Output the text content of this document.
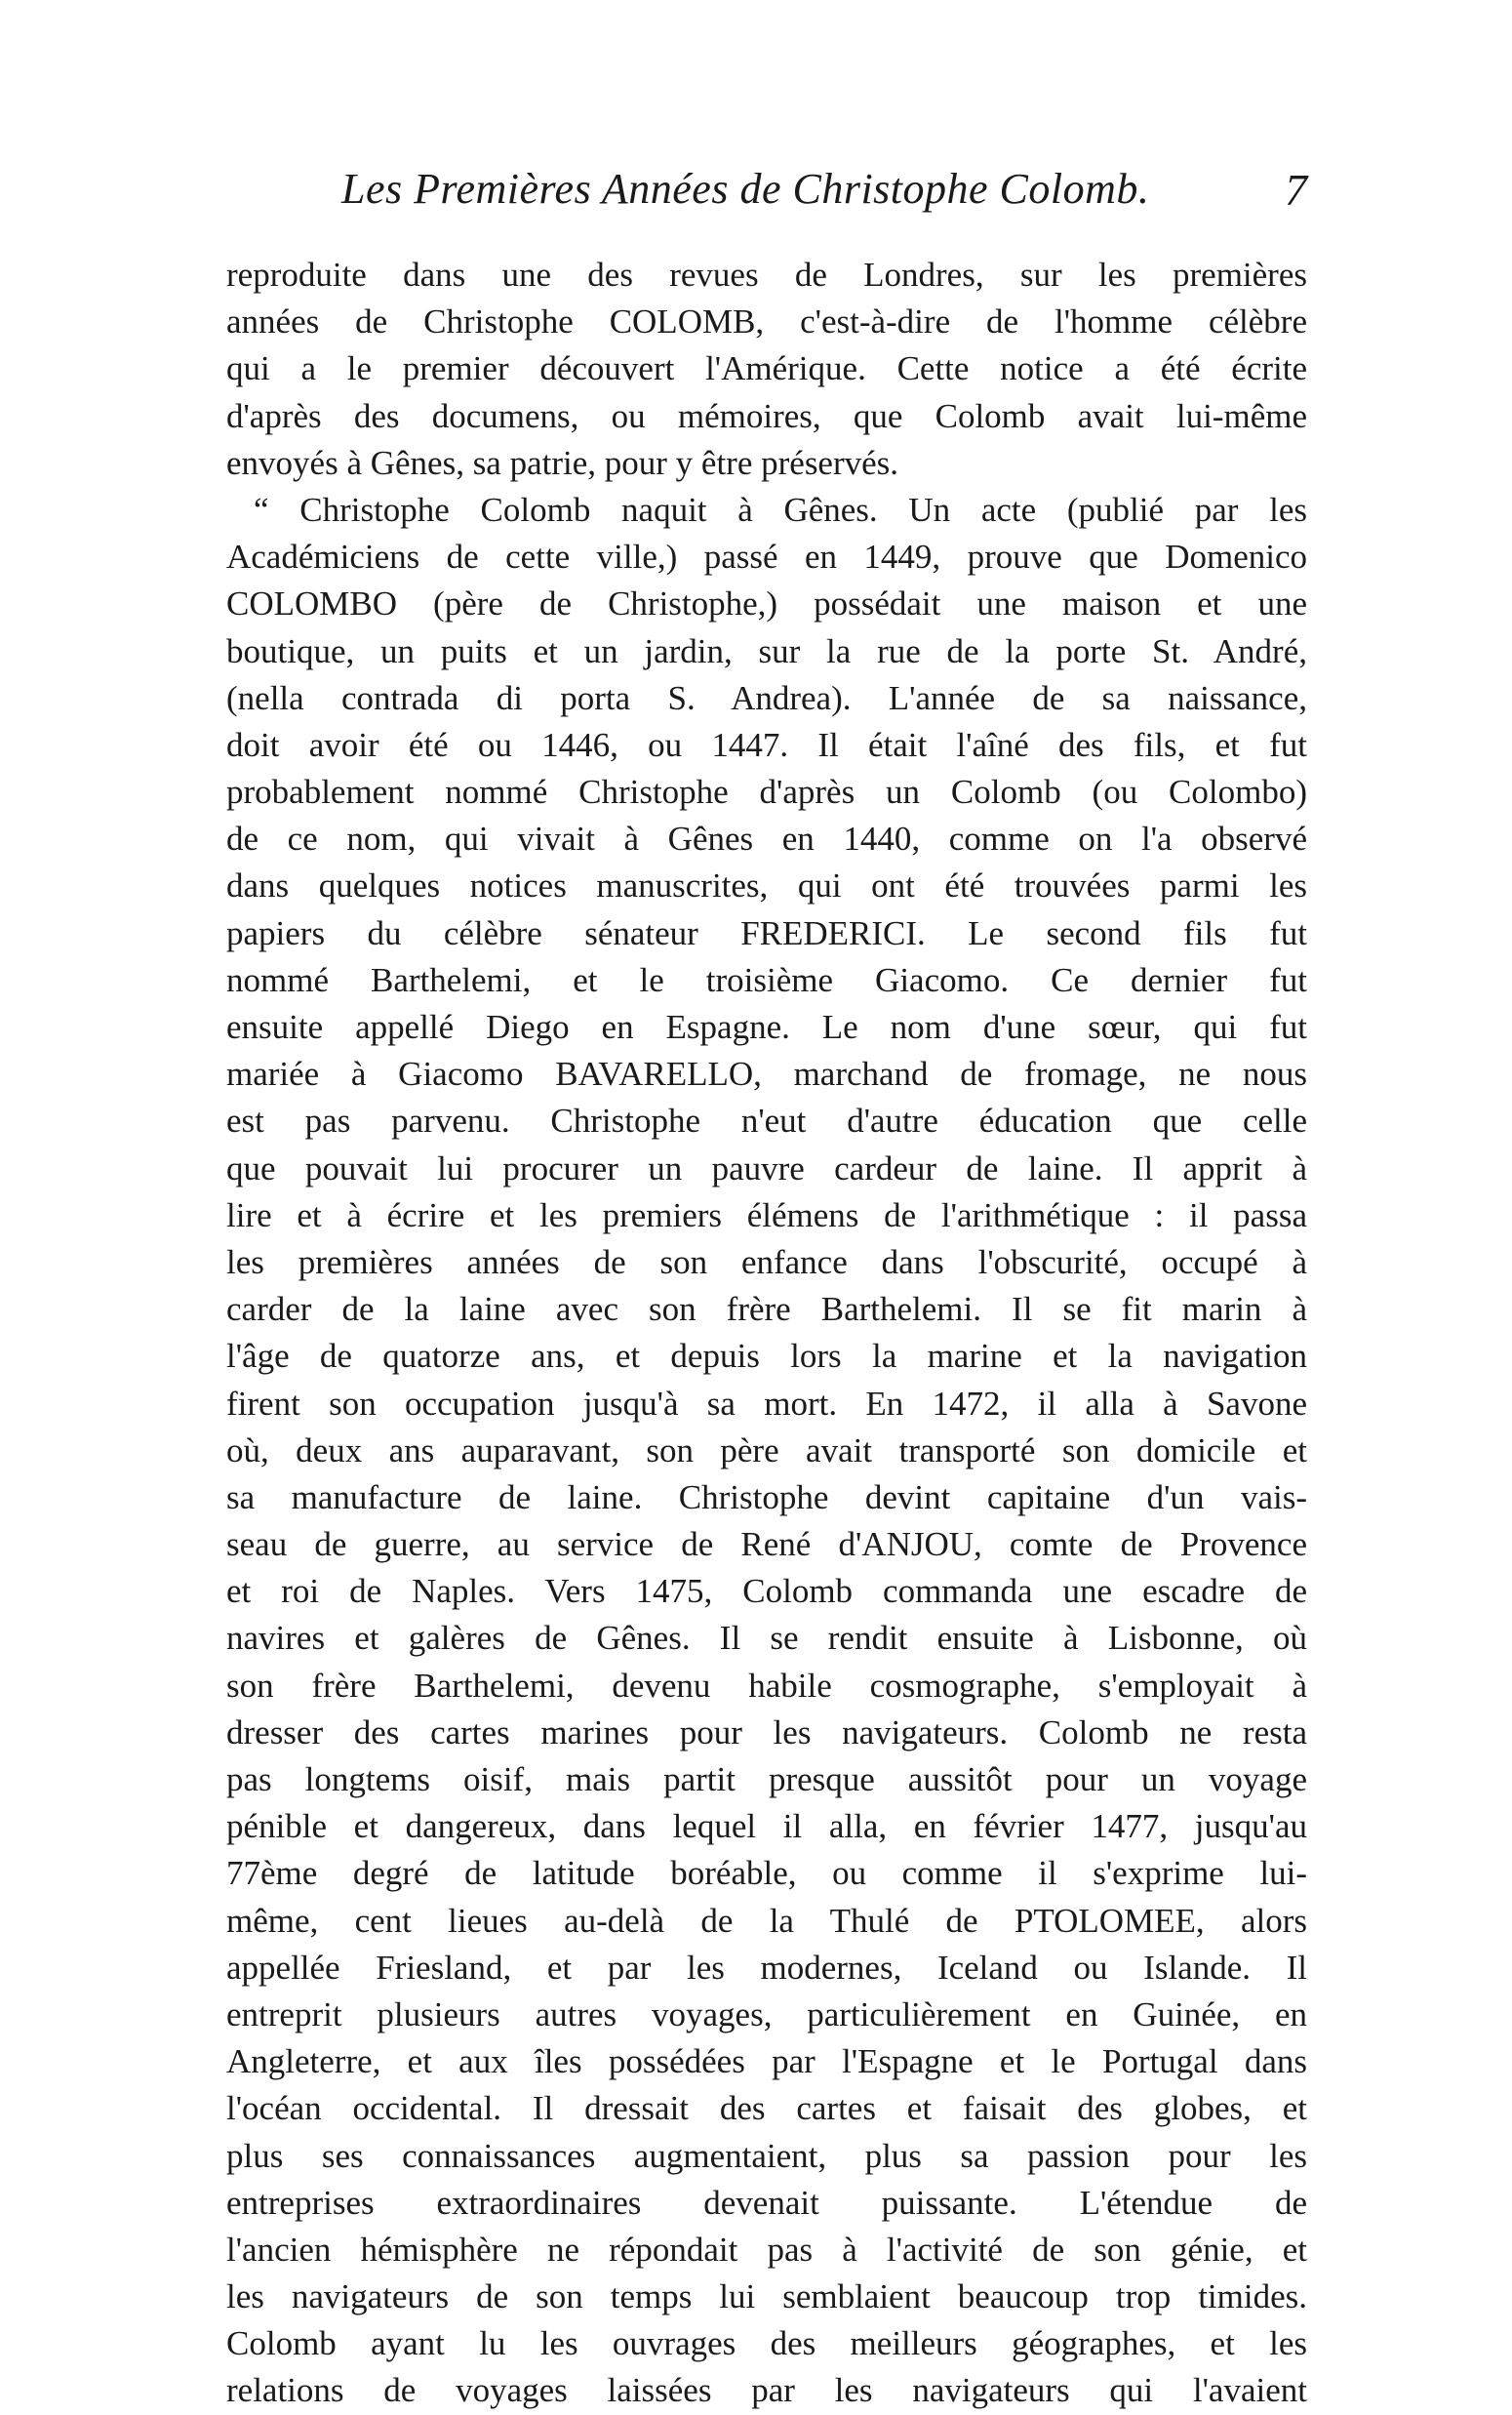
Les Premières Années de Christophe Colomb.	7
reproduite dans une des revues de Londres, sur les premières
années de Christophe COLOMB, c'est-à-dire de l'homme célèbre
qui a le premier découvert l'Amérique. Cette notice a été écrite
d'après des documens, ou mémoires, que Colomb avait lui-même
envoyés à Gênes, sa patrie, pour y être préservés.
“ Christophe Colomb naquit à Gênes. Un acte (publié par les
Académiciens de cette ville,) passé en 1449, prouve que Domenico
COLOMBO (père de Christophe,) possédait une maison et une
boutique, un puits et un jardin, sur la rue de la porte St. André,
(nella contrada di porta S. Andrea). L'année de sa naissance,
doit avoir été ou 1446, ou 1447. Il était l'aîné des fils, et fut
probablement nommé Christophe d'après un Colomb (ou Colombo)
de ce nom, qui vivait à Gênes en 1440, comme on l'a observé
dans quelques notices manuscrites, qui ont été trouvées parmi les
papiers du célèbre sénateur FREDERICI. Le second fils fut
nommé Barthelemi, et le troisième Giacomo. Ce dernier fut
ensuite appellé Diego en Espagne. Le nom d'une sœur, qui fut
mariée à Giacomo BAVARELLO, marchand de fromage, ne nous
est pas parvenu. Christophe n'eut d'autre éducation que celle
que pouvait lui procurer un pauvre cardeur de laine. Il apprit à
lire et à écrire et les premiers élémens de l'arithmétique : il passa
les premières années de son enfance dans l'obscurité, occupé à
carder de la laine avec son frère Barthelemi. Il se fit marin à
l'âge de quatorze ans, et depuis lors la marine et la navigation
firent son occupation jusqu'à sa mort. En 1472, il alla à Savone
où, deux ans auparavant, son père avait transporté son domicile et
sa manufacture de laine. Christophe devint capitaine d'un vais-
seau de guerre, au service de René d'ANJOU, comte de Provence
et roi de Naples. Vers 1475, Colomb commanda une escadre de
navires et galères de Gênes. Il se rendit ensuite à Lisbonne, où
son frère Barthelemi, devenu habile cosmographe, s'employait à
dresser des cartes marines pour les navigateurs. Colomb ne resta
pas longtems oisif, mais partit presque aussitôt pour un voyage
pénible et dangereux, dans lequel il alla, en février 1477, jusqu'au
77ème degré de latitude boréable, ou comme il s'exprime lui-
même, cent lieues au-delà de la Thulé de PTOLOMEE, alors
appellée Friesland, et par les modernes, Iceland ou Islande. Il
entreprit plusieurs autres voyages, particulièrement en Guinée, en
Angleterre, et aux îles possédées par l'Espagne et le Portugal dans
l'océan occidental. Il dressait des cartes et faisait des globes, et
plus ses connaissances augmentaient, plus sa passion pour les
entreprises extraordinaires devenait puissante. L'étendue de
l'ancien hémisphère ne répondait pas à l'activité de son génie, et
les navigateurs de son temps lui semblaient beaucoup trop timides.
Colomb ayant lu les ouvrages des meilleurs géographes, et les
relations de voyages laissées par les navigateurs qui l'avaient
